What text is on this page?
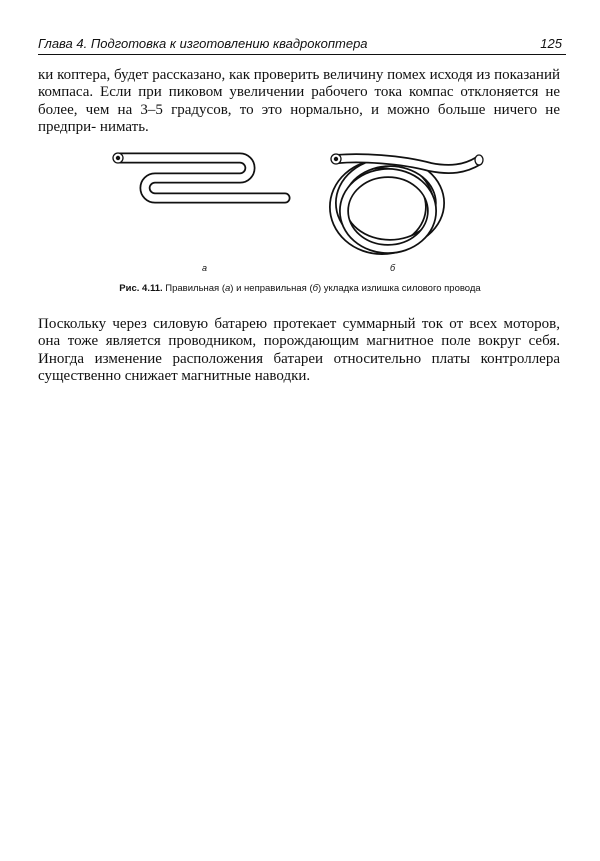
Глава 4. Подготовка к изготовлению квадрокоптера	125

ки коптера, будет рассказано, как проверить величину помех исходя из показаний компаса. Если при пиковом увеличении рабочего тока компас отклоняется не более, чем на 3–5 градусов, то это нормально, и можно больше ничего не предпри- нимать.

а	б
Рис. 4.11. Правильная (а) и неправильная (б) укладка излишка силового провода

Поскольку через силовую батарею протекает суммарный ток от всех моторов, она тоже является проводником, порождающим магнитное поле вокруг себя. Иногда изменение расположения батареи относительно платы контроллера существенно снижает магнитные наводки.
